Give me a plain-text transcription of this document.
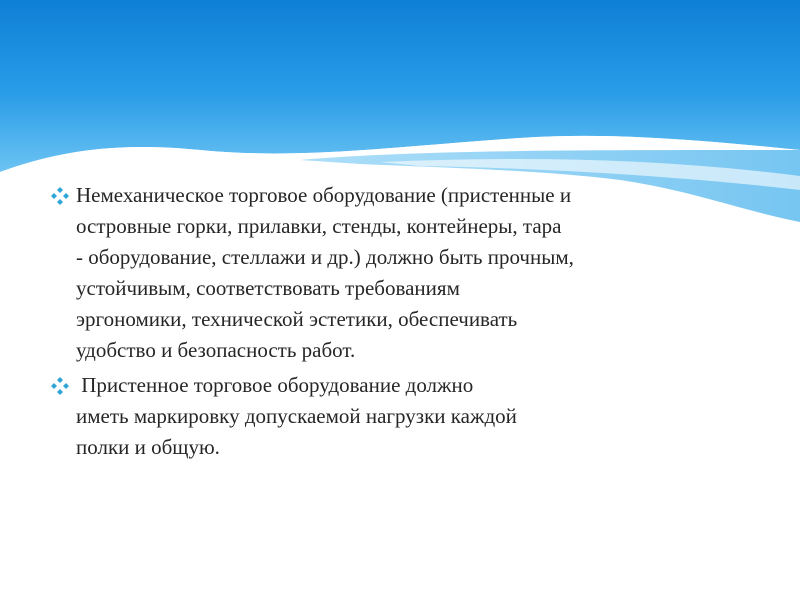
Немеханическое торговое оборудование (пристенные и
островные горки, прилавки, стенды, контейнеры, тара
- оборудование, стеллажи и др.) должно быть прочным,
устойчивым, соответствовать требованиям
эргономики, технической эстетики, обеспечивать
удобство и безопасность работ.
Пристенное торговое оборудование должно
иметь маркировку допускаемой нагрузки каждой
полки и общую.
